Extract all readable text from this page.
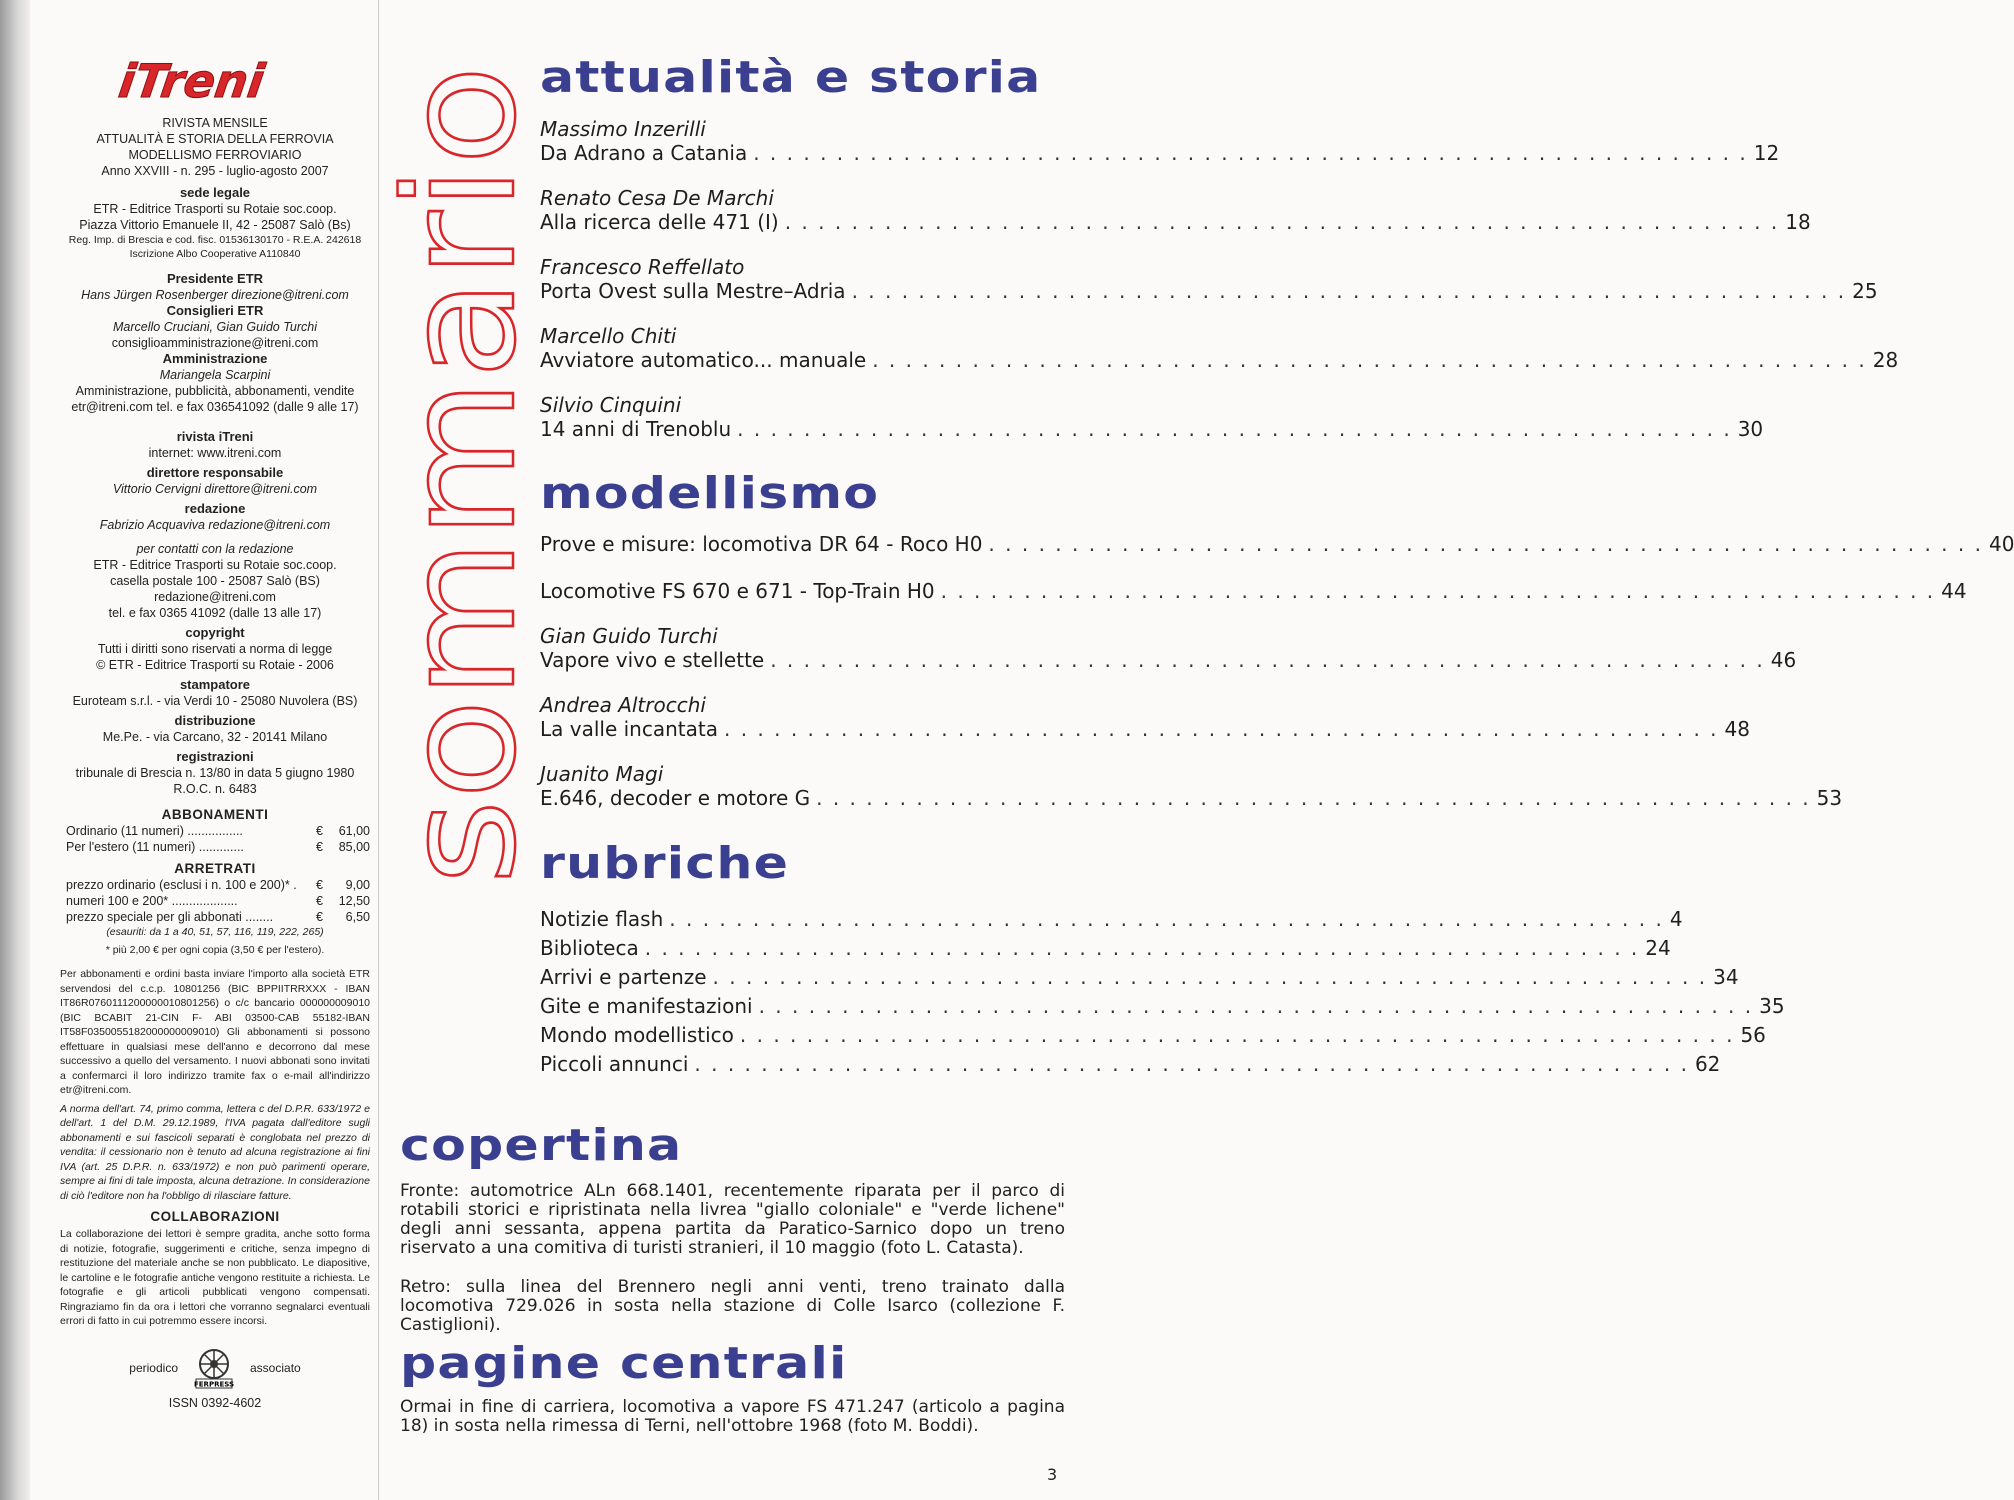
iTreni
RIVISTA MENSILE
ATTUALITÀ E STORIA DELLA FERROVIA
MODELLISMO FERROVIARIO
Anno XXVIII - n. 295 - luglio-agosto 2007
sede legale
ETR - Editrice Trasporti su Rotaie soc.coop.
Piazza Vittorio Emanuele II, 42 - 25087 Salò (Bs)
Reg. Imp. di Brescia e cod. fisc. 01536130170 - R.E.A. 242618
Iscrizione Albo Cooperative A110840
Presidente ETR
Hans Jürgen Rosenberger direzione@itreni.com
Consiglieri ETR
Marcello Cruciani, Gian Guido Turchi
consiglioamministrazione@itreni.com
Amministrazione
Mariangela Scarpini
Amministrazione, pubblicità, abbonamenti, vendite
etr@itreni.com tel. e fax 036541092 (dalle 9 alle 17)
rivista iTreni
internet: www.itreni.com
direttore responsabile
Vittorio Cervigni direttore@itreni.com
redazione
Fabrizio Acquaviva redazione@itreni.com
per contatti con la redazione
ETR - Editrice Trasporti su Rotaie soc.coop.
casella postale 100 - 25087 Salò (BS)
redazione@itreni.com
tel. e fax 0365 41092 (dalle 13 alle 17)
copyright
Tutti i diritti sono riservati a norma di legge
© ETR - Editrice Trasporti su Rotaie - 2006
stampatore
Euroteam s.r.l. - via Verdi 10 - 25080 Nuvolera (BS)
distribuzione
Me.Pe. - via Carcano, 32 - 20141 Milano
registrazioni
tribunale di Brescia n. 13/80 in data 5 giugno 1980
R.O.C. n. 6483
ABBONAMENTI
Ordinario (11 numeri) ................	€	61,00
Per l'estero (11 numeri) .............	€	85,00
ARRETRATI
prezzo ordinario (esclusi i n. 100 e 200)* .	€	9,00
numeri 100 e 200* ...................	€	12,50
prezzo speciale per gli abbonati ........	€	6,50
(esauriti: da 1 a 40, 51, 57, 116, 119, 222, 265)
* più 2,00 € per ogni copia (3,50 € per l'estero).
Per abbonamenti e ordini basta inviare l'importo alla società ETR servendosi del c.c.p. 10801256 (BIC BPPIITRRXXX - IBAN IT86R0760111200000010801256) o c/c bancario 000000009010 (BIC BCABIT 21-CIN F- ABI 03500-CAB 55182-IBAN IT58F0350055182000000009010) Gli abbonamenti si possono effettuare in qualsiasi mese dell'anno e decorrono dal mese successivo a quello del versamento. I nuovi abbonati sono invitati a confermarci il loro indirizzo tramite fax o e-mail all'indirizzo etr@itreni.com.
A norma dell'art. 74, primo comma, lettera c del D.P.R. 633/1972 e dell'art. 1 del D.M. 29.12.1989, l'IVA pagata dall'editore sugli abbonamenti e sui fascicoli separati è conglobata nel prezzo di vendita: il cessionario non è tenuto ad alcuna registrazione ai fini IVA (art. 25 D.P.R. n. 633/1972) e non può parimenti operare, sempre ai fini di tale imposta, alcuna detrazione. In considerazione di ciò l'editore non ha l'obbligo di rilasciare fatture.
COLLABORAZIONI
La collaborazione dei lettori è sempre gradita, anche sotto forma di notizie, fotografie, suggerimenti e critiche, senza impegno di restituzione del materiale anche se non pubblicato. Le diapositive, le cartoline e le fotografie antiche vengono restituite a richiesta. Le fotografie e gli articoli pubblicati vengono compensati. Ringraziamo fin da ora i lettori che vorranno segnalarci eventuali errori di fatto in cui potremmo essere incorsi.
periodico
FERPRESS
associato
ISSN 0392-4602
sommario
attualità e storia
Massimo Inzerilli
Da Adrano a Catania . . . . . . . . . . . . . . . . . . . . . . . . . . . . . . . . . . . . . . . . . . . . . . . . . . . . . . . . . . . . 12
Renato Cesa De Marchi
Alla ricerca delle 471 (I) . . . . . . . . . . . . . . . . . . . . . . . . . . . . . . . . . . . . . . . . . . . . . . . . . . . . . . . . . . . . 18
Francesco Reffellato
Porta Ovest sulla Mestre–Adria . . . . . . . . . . . . . . . . . . . . . . . . . . . . . . . . . . . . . . . . . . . . . . . . . . . . . . . . . . . . 25
Marcello Chiti
Avviatore automatico... manuale . . . . . . . . . . . . . . . . . . . . . . . . . . . . . . . . . . . . . . . . . . . . . . . . . . . . . . . . . . . . 28
Silvio Cinquini
14 anni di Trenoblu . . . . . . . . . . . . . . . . . . . . . . . . . . . . . . . . . . . . . . . . . . . . . . . . . . . . . . . . . . . . 30
modellismo
Prove e misure: locomotiva DR 64 - Roco H0 . . . . . . . . . . . . . . . . . . . . . . . . . . . . . . . . . . . . . . . . . . . . . . . . . . . . . . . . . . . . 40
Locomotive FS 670 e 671 - Top-Train H0 . . . . . . . . . . . . . . . . . . . . . . . . . . . . . . . . . . . . . . . . . . . . . . . . . . . . . . . . . . . . 44
Gian Guido Turchi
Vapore vivo e stellette . . . . . . . . . . . . . . . . . . . . . . . . . . . . . . . . . . . . . . . . . . . . . . . . . . . . . . . . . . . . 46
Andrea Altrocchi
La valle incantata . . . . . . . . . . . . . . . . . . . . . . . . . . . . . . . . . . . . . . . . . . . . . . . . . . . . . . . . . . . . 48
Juanito Magi
E.646, decoder e motore G . . . . . . . . . . . . . . . . . . . . . . . . . . . . . . . . . . . . . . . . . . . . . . . . . . . . . . . . . . . . 53
rubriche
Notizie flash . . . . . . . . . . . . . . . . . . . . . . . . . . . . . . . . . . . . . . . . . . . . . . . . . . . . . . . . . . . . 4
Biblioteca . . . . . . . . . . . . . . . . . . . . . . . . . . . . . . . . . . . . . . . . . . . . . . . . . . . . . . . . . . . . 24
Arrivi e partenze . . . . . . . . . . . . . . . . . . . . . . . . . . . . . . . . . . . . . . . . . . . . . . . . . . . . . . . . . . . . 34
Gite e manifestazioni . . . . . . . . . . . . . . . . . . . . . . . . . . . . . . . . . . . . . . . . . . . . . . . . . . . . . . . . . . . . 35
Mondo modellistico . . . . . . . . . . . . . . . . . . . . . . . . . . . . . . . . . . . . . . . . . . . . . . . . . . . . . . . . . . . . 56
Piccoli annunci . . . . . . . . . . . . . . . . . . . . . . . . . . . . . . . . . . . . . . . . . . . . . . . . . . . . . . . . . . . . 62
copertina
Fronte: automotrice ALn 668.1401, recentemente riparata per il parco di rotabili storici e ripristinata nella livrea "giallo coloniale" e "verde lichene" degli anni sessanta, appena partita da Paratico-Sarnico dopo un treno riservato a una comitiva di turisti stranieri, il 10 maggio (foto L. Catasta).
Retro: sulla linea del Brennero negli anni venti, treno trainato dalla locomotiva 729.026 in sosta nella stazione di Colle Isarco (collezione F. Castiglioni).
pagine centrali
Ormai in fine di carriera, locomotiva a vapore FS 471.247 (articolo a pagina 18) in sosta nella rimessa di Terni, nell'ottobre 1968 (foto M. Boddi).
3
